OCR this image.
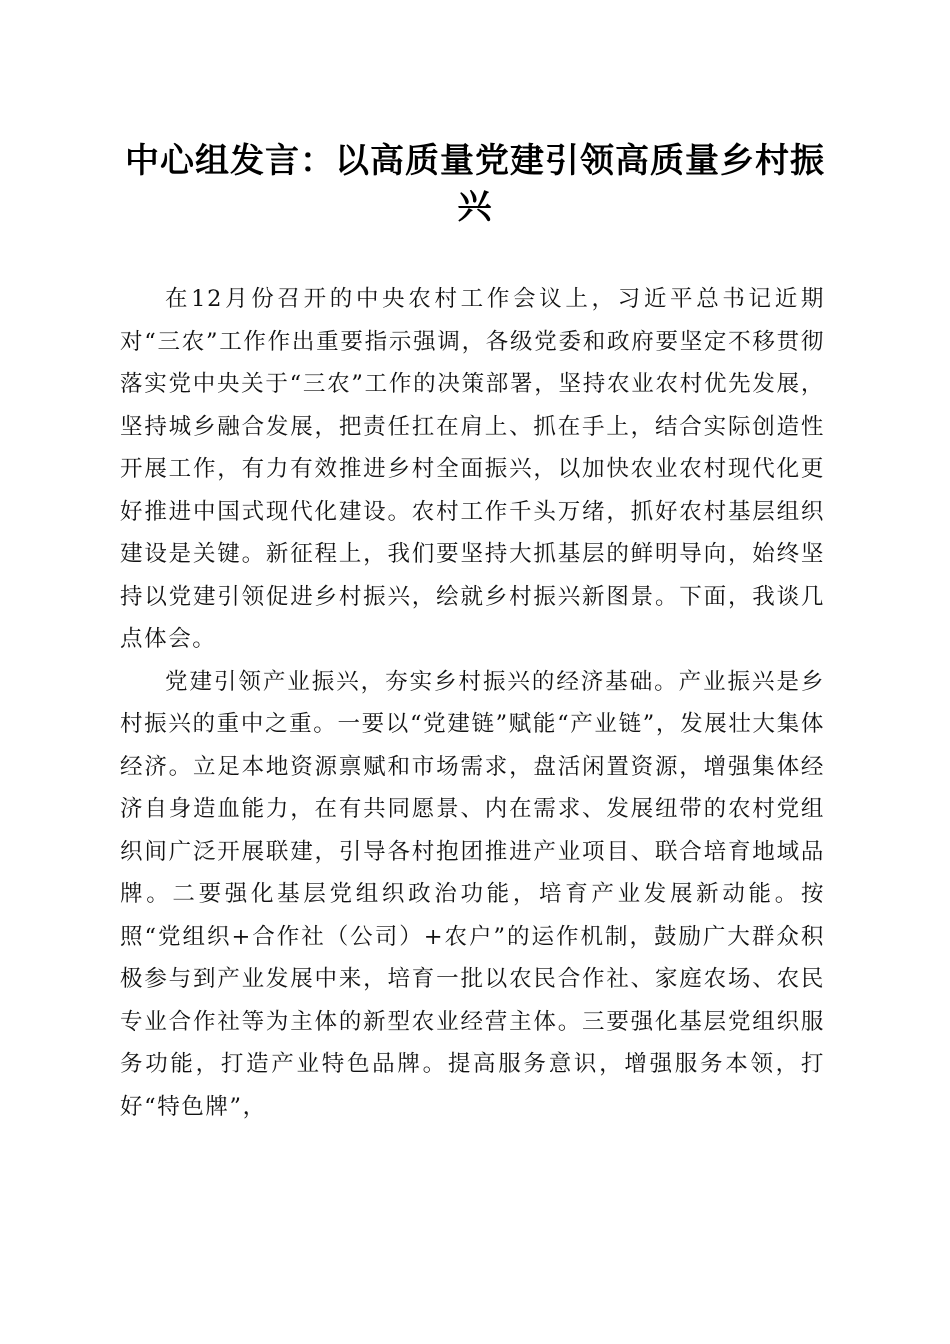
中心组发言：以高质量党建引领高质量乡村振兴

在12月份召开的中央农村工作会议上，习近平总书记近期对“三农”工作作出重要指示强调，各级党委和政府要坚定不移贯彻落实党中央关于“三农”工作的决策部署，坚持农业农村优先发展，坚持城乡融合发展，把责任扛在肩上、抓在手上，结合实际创造性开展工作，有力有效推进乡村全面振兴，以加快农业农村现代化更好推进中国式现代化建设。农村工作千头万绪，抓好农村基层组织建设是关键。新征程上，我们要坚持大抓基层的鲜明导向，始终坚持以党建引领促进乡村振兴，绘就乡村振兴新图景。下面，我谈几点体会。

党建引领产业振兴，夯实乡村振兴的经济基础。产业振兴是乡村振兴的重中之重。一要以“党建链”赋能“产业链”，发展壮大集体经济。立足本地资源禀赋和市场需求，盘活闲置资源，增强集体经济自身造血能力，在有共同愿景、内在需求、发展纽带的农村党组织间广泛开展联建，引导各村抱团推进产业项目、联合培育地域品牌。二要强化基层党组织政治功能，培育产业发展新动能。按照“党组织+合作社（公司）+农户”的运作机制，鼓励广大群众积极参与到产业发展中来，培育一批以农民合作社、家庭农场、农民专业合作社等为主体的新型农业经营主体。三要强化基层党组织服务功能，打造产业特色品牌。提高服务意识，增强服务本领，打好“特色牌”，
